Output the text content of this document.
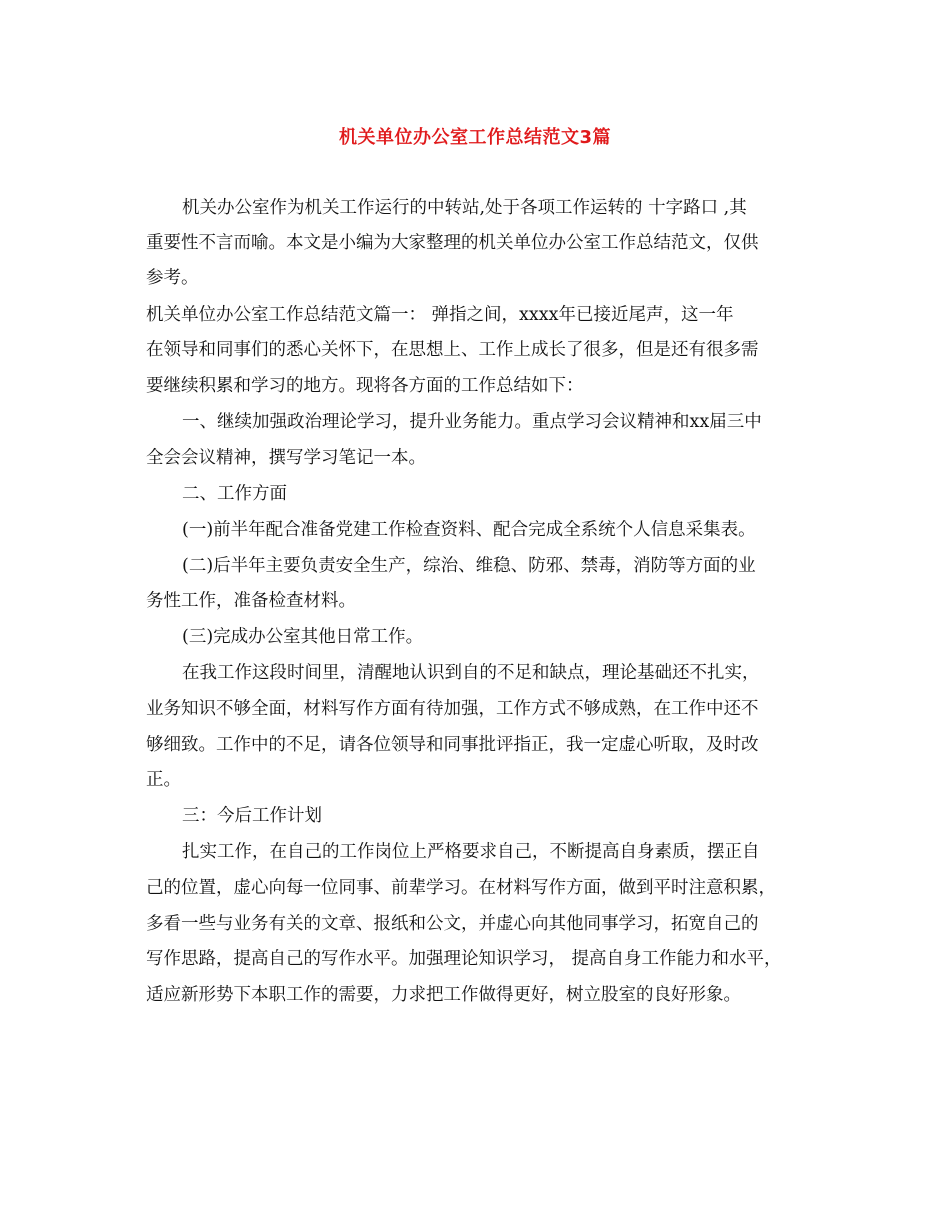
机关单位办公室工作总结范文3篇
机关办公室作为机关工作运行的中转站,处于各项工作运转的 十字路口 ,其
重要性不言而喻。本文是小编为大家整理的机关单位办公室工作总结范文，仅供
参考。
机关单位办公室工作总结范文篇一： 弹指之间，xxxx年已接近尾声，这一年
在领导和同事们的悉心关怀下，在思想上、工作上成长了很多，但是还有很多需
要继续积累和学习的地方。现将各方面的工作总结如下：
一、继续加强政治理论学习，提升业务能力。重点学习会议精神和xx届三中
全会会议精神，撰写学习笔记一本。
二、工作方面
(一)前半年配合准备党建工作检查资料、配合完成全系统个人信息采集表。
(二)后半年主要负责安全生产，综治、维稳、防邪、禁毒，消防等方面的业
务性工作，准备检查材料。
(三)完成办公室其他日常工作。
在我工作这段时间里，清醒地认识到自的不足和缺点，理论基础还不扎实，
业务知识不够全面，材料写作方面有待加强，工作方式不够成熟，在工作中还不
够细致。工作中的不足，请各位领导和同事批评指正，我一定虚心听取，及时改
正。
三：今后工作计划
扎实工作，在自己的工作岗位上严格要求自己，不断提高自身素质，摆正自
己的位置，虚心向每一位同事、前辈学习。在材料写作方面，做到平时注意积累，
多看一些与业务有关的文章、报纸和公文，并虚心向其他同事学习，拓宽自己的
写作思路，提高自己的写作水平。加强理论知识学习， 提高自身工作能力和水平，
适应新形势下本职工作的需要，力求把工作做得更好，树立股室的良好形象。
